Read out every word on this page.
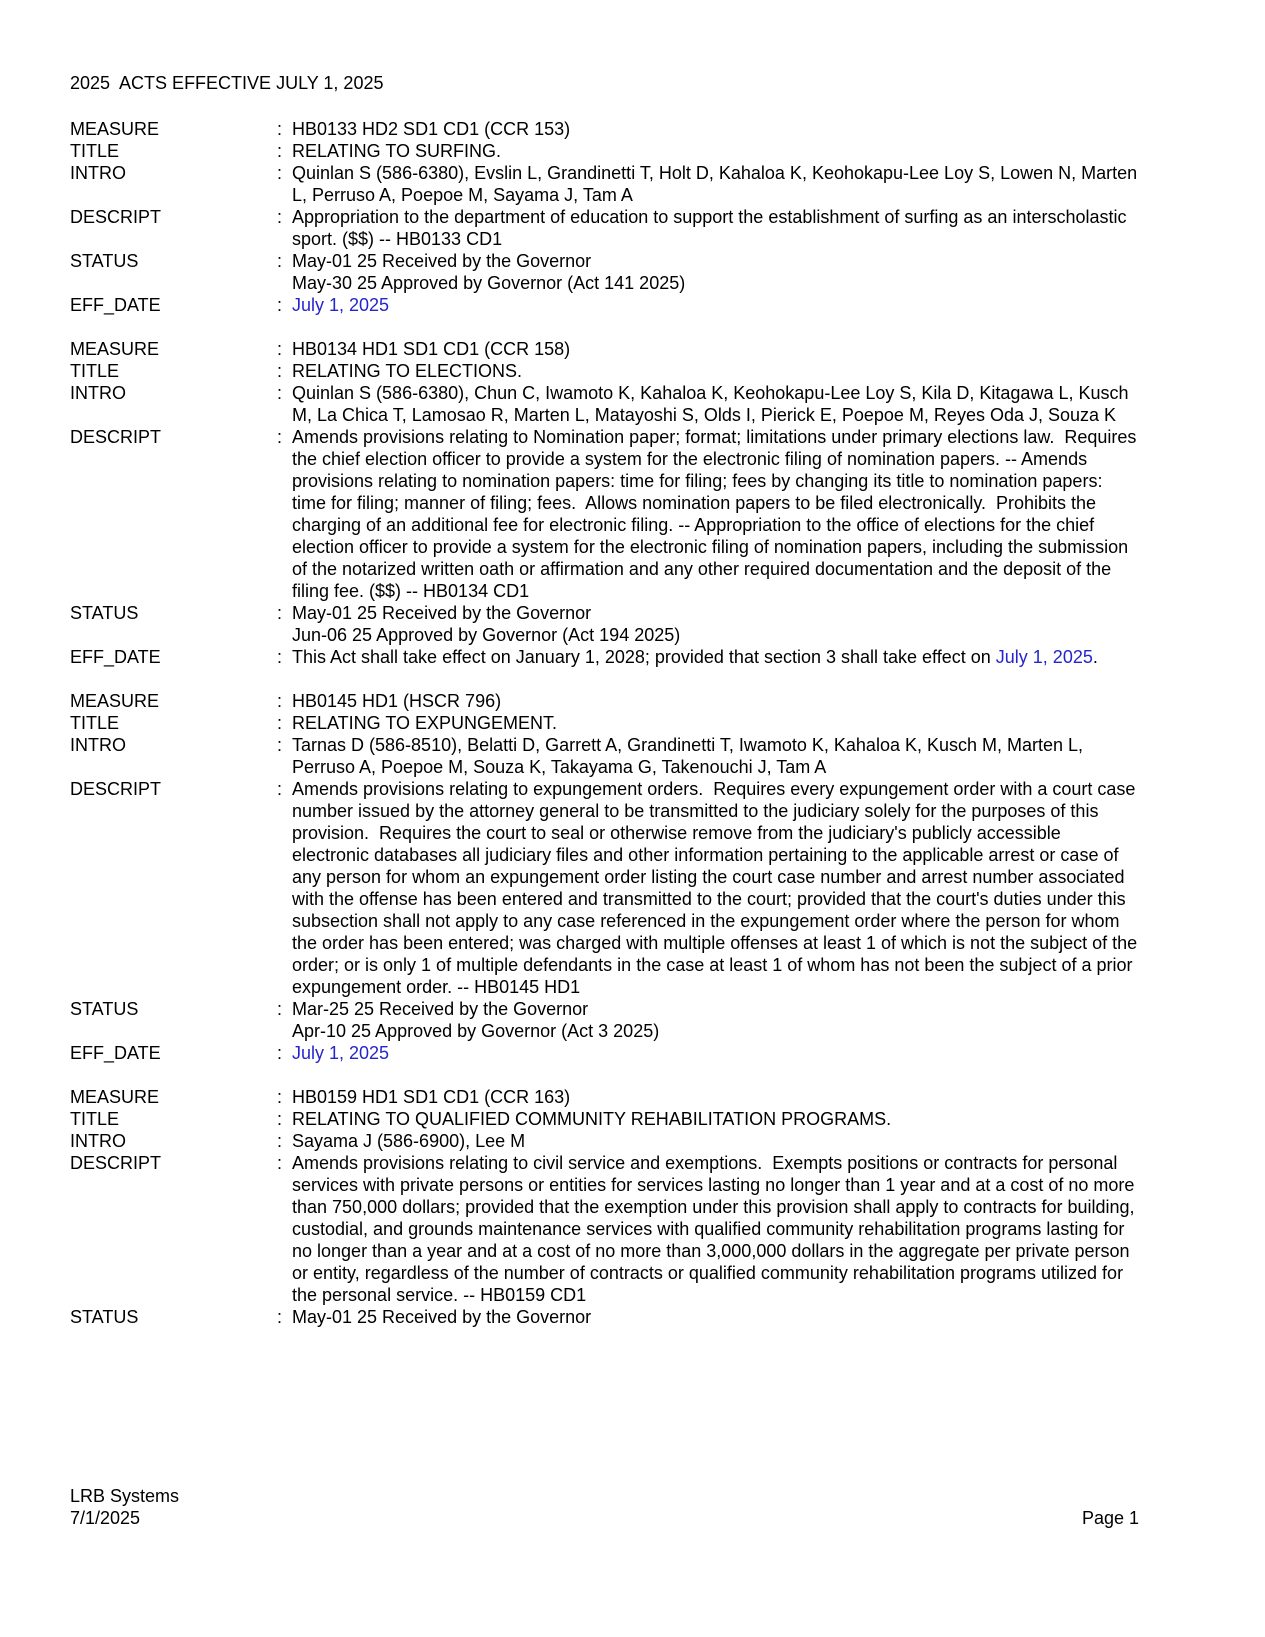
2025  ACTS EFFECTIVE JULY 1, 2025
MEASURE	: HB0133 HD2 SD1 CD1 (CCR 153)
TITLE	: RELATING TO SURFING.
INTRO	: Quinlan S (586-6380), Evslin L, Grandinetti T, Holt D, Kahaloa K, Keohokapu-Lee Loy S, Lowen N, Marten L, Perruso A, Poepoe M, Sayama J, Tam A
DESCRIPT	: Appropriation to the department of education to support the establishment of surfing as an interscholastic sport. ($$) -- HB0133 CD1
STATUS	: May-01 25 Received by the Governor
May-30 25 Approved by Governor (Act 141 2025)
EFF_DATE	: July 1, 2025
MEASURE	: HB0134 HD1 SD1 CD1 (CCR 158)
TITLE	: RELATING TO ELECTIONS.
INTRO	: Quinlan S (586-6380), Chun C, Iwamoto K, Kahaloa K, Keohokapu-Lee Loy S, Kila D, Kitagawa L, Kusch M, La Chica T, Lamosao R, Marten L, Matayoshi S, Olds I, Pierick E, Poepoe M, Reyes Oda J, Souza K
DESCRIPT	: Amends provisions relating to Nomination paper; format; limitations under primary elections law.  Requires the chief election officer to provide a system for the electronic filing of nomination papers. -- Amends provisions relating to nomination papers: time for filing; fees by changing its title to nomination papers: time for filing; manner of filing; fees.  Allows nomination papers to be filed electronically.  Prohibits the charging of an additional fee for electronic filing. -- Appropriation to the office of elections for the chief election officer to provide a system for the electronic filing of nomination papers, including the submission of the notarized written oath or affirmation and any other required documentation and the deposit of the filing fee. ($$) -- HB0134 CD1
STATUS	: May-01 25 Received by the Governor
Jun-06 25 Approved by Governor (Act 194 2025)
EFF_DATE	: This Act shall take effect on January 1, 2028; provided that section 3 shall take effect on July 1, 2025.
MEASURE	: HB0145 HD1 (HSCR 796)
TITLE	: RELATING TO EXPUNGEMENT.
INTRO	: Tarnas D (586-8510), Belatti D, Garrett A, Grandinetti T, Iwamoto K, Kahaloa K, Kusch M, Marten L, Perruso A, Poepoe M, Souza K, Takayama G, Takenouchi J, Tam A
DESCRIPT	: Amends provisions relating to expungement orders.  Requires every expungement order with a court case number issued by the attorney general to be transmitted to the judiciary solely for the purposes of this provision.  Requires the court to seal or otherwise remove from the judiciary's publicly accessible electronic databases all judiciary files and other information pertaining to the applicable arrest or case of any person for whom an expungement order listing the court case number and arrest number associated with the offense has been entered and transmitted to the court; provided that the court's duties under this subsection shall not apply to any case referenced in the expungement order where the person for whom the order has been entered; was charged with multiple offenses at least 1 of which is not the subject of the order; or is only 1 of multiple defendants in the case at least 1 of whom has not been the subject of a prior expungement order. -- HB0145 HD1
STATUS	: Mar-25 25 Received by the Governor
Apr-10 25 Approved by Governor (Act 3 2025)
EFF_DATE	: July 1, 2025
MEASURE	: HB0159 HD1 SD1 CD1 (CCR 163)
TITLE	: RELATING TO QUALIFIED COMMUNITY REHABILITATION PROGRAMS.
INTRO	: Sayama J (586-6900), Lee M
DESCRIPT	: Amends provisions relating to civil service and exemptions.  Exempts positions or contracts for personal services with private persons or entities for services lasting no longer than 1 year and at a cost of no more than 750,000 dollars; provided that the exemption under this provision shall apply to contracts for building, custodial, and grounds maintenance services with qualified community rehabilitation programs lasting for no longer than a year and at a cost of no more than 3,000,000 dollars in the aggregate per private person or entity, regardless of the number of contracts or qualified community rehabilitation programs utilized for the personal service. -- HB0159 CD1
STATUS	: May-01 25 Received by the Governor
LRB Systems
7/1/2025	Page 1
